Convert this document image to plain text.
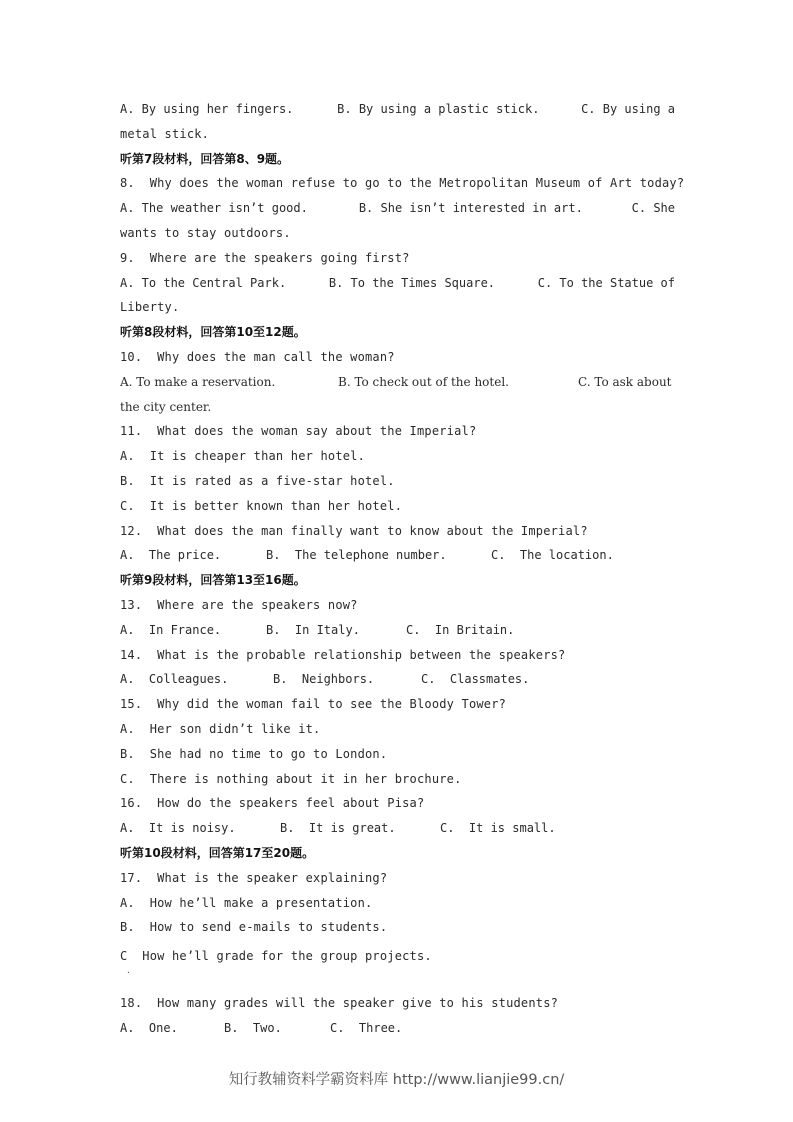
A. By using her fingers.	B. By using a plastic stick.	C. By using a
metal stick.
听第7段材料，回答第8、9题。
8.  Why does the woman refuse to go to the Metropolitan Museum of Art today?
A. The weather isn’t good.	B. She isn’t interested in art.	C. She
wants to stay outdoors.
9.  Where are the speakers going first?
A. To the Central Park.	B. To the Times Square.	C. To the Statue of
Liberty.
听第8段材料，回答第10至12题。
10.  Why does the man call the woman?
A. To make a reservation.	B. To check out of the hotel.	C. To ask about
the city center.
11.  What does the woman say about the Imperial?
A.  It is cheaper than her hotel.
B.  It is rated as a five-star hotel.
C.  It is better known than her hotel.
12.  What does the man finally want to know about the Imperial?
A.  The price.	B.  The telephone number.	C.  The location.
听第9段材料，回答第13至16题。
13.  Where are the speakers now?
A.  In France.	B.  In Italy.	C.  In Britain.
14.  What is the probable relationship between the speakers?
A.  Colleagues.	B.  Neighbors.	C.  Classmates.
15.  Why did the woman fail to see the Bloody Tower?
A.  Her son didn’t like it.
B.  She had no time to go to London.
C.  There is nothing about it in her brochure.
16.  How do the speakers feel about Pisa?
A.  It is noisy.	B.  It is great.	C.  It is small.
听第10段材料，回答第17至20题。
17.  What is the speaker explaining?
A.  How he’ll make a presentation.
B.  How to send e-mails to students.
C  How he’ll grade for the group projects.
·
18.  How many grades will the speaker give to his students?
A.  One.	B.  Two.	C.  Three.
知行教辅资料学霸资料库 http://www.lianjie99.cn/
